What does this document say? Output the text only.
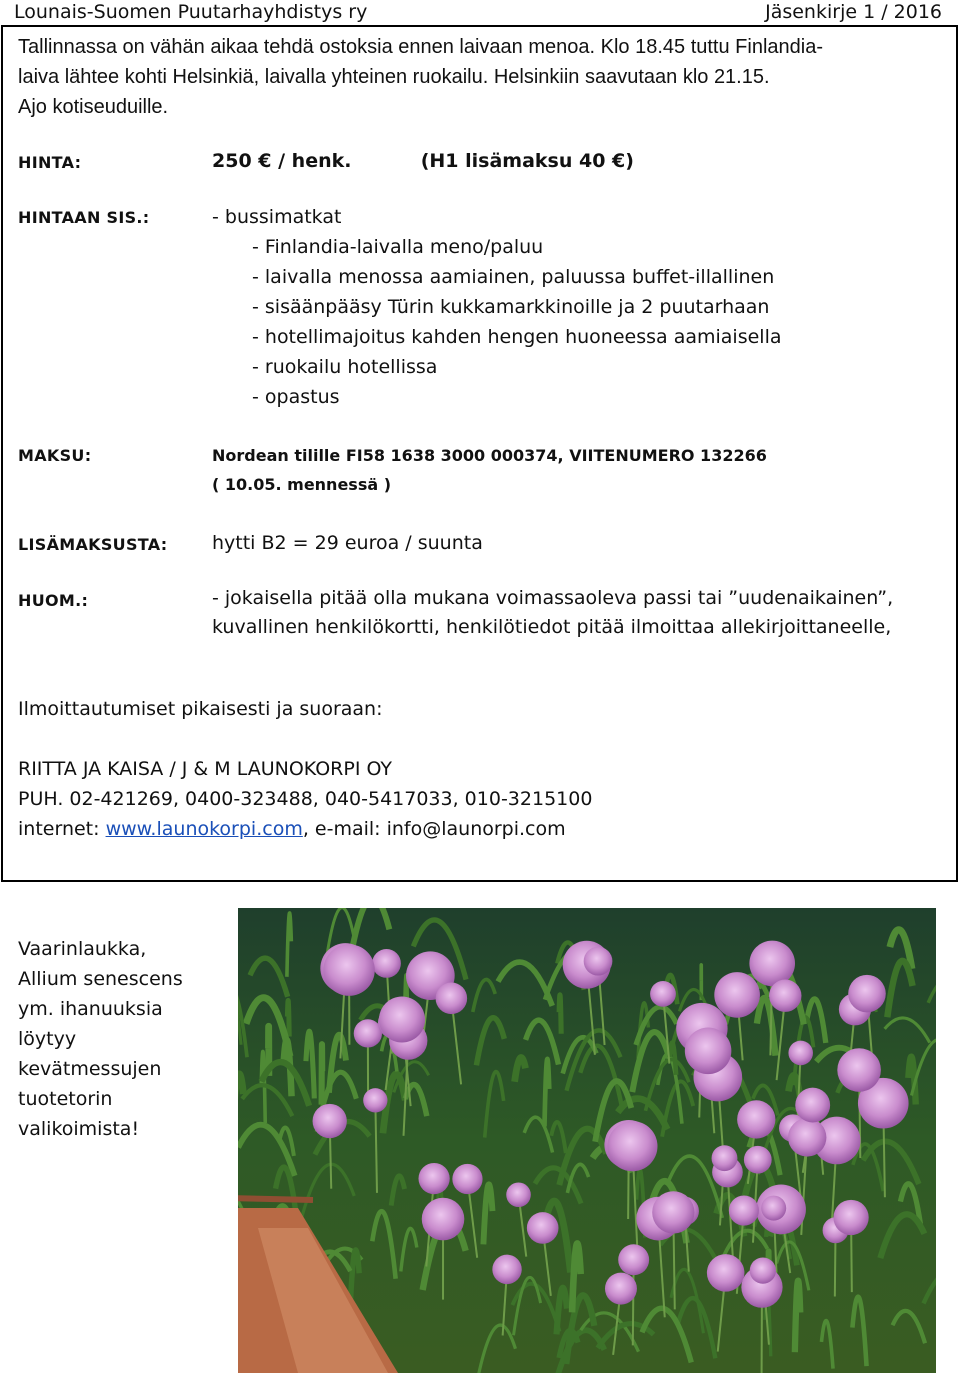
Lounais-Suomen Puutarhayhdistys ry	Jäsenkirje 1 / 2016
Tallinnassa on vähän aikaa tehdä ostoksia ennen laivaan menoa. Klo 18.45 tuttu Finlandia-
laiva lähtee kohti Helsinkiä, laivalla yhteinen ruokailu. Helsinkiin saavutaan klo 21.15.
Ajo kotiseuduille.
HINTA:	250 € / henk.	(H1 lisämaksu 40 €)
HINTAAN SIS.:	- bussimatkat
- Finlandia-laivalla meno/paluu
- laivalla menossa aamiainen, paluussa buffet-illallinen
- sisäänpääsy Türin kukkamarkkinoille ja 2 puutarhaan
- hotellimajoitus kahden hengen huoneessa aamiaisella
- ruokailu hotellissa
- opastus
MAKSU:	Nordean tilille FI58 1638 3000 000374, VIITENUMERO 132266
( 10.05. mennessä )
LISÄMAKSUSTA: hytti B2 = 29 euroa / suunta
HUOM.:	- jokaisella pitää olla mukana voimassaoleva passi tai ”uudenaikainen”,
kuvallinen henkilökortti, henkilötiedot pitää ilmoittaa allekirjoittaneelle,
Ilmoittautumiset pikaisesti ja suoraan:
RIITTA JA KAISA / J & M LAUNOKORPI OY
PUH. 02-421269, 0400-323488, 040-5417033, 010-3215100
internet: www.launokorpi.com, e-mail: info@launorpi.com
Vaarinlaukka,
Allium senescens
ym. ihanuuksia
löytyy
kevätmessujen
tuotetorin
valikoimista!
